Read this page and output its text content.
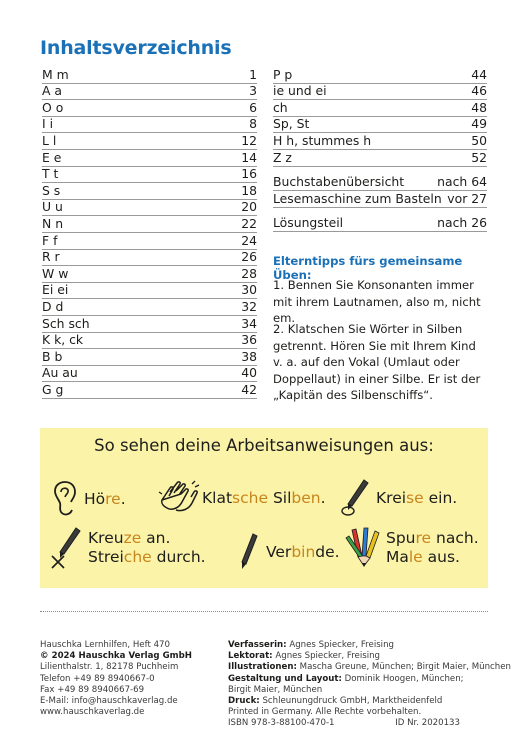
Inhaltsverzeichnis
M m	1
A a	3
O o	6
I i	8
L l	12
E e	14
T t	16
S s	18
U u	20
N n	22
F f	24
R r	26
W w	28
Ei ei	30
D d	32
Sch sch	34
K k, ck	36
B b	38
Au au	40
G g	42
P p	44
ie und ei	46
ch	48
Sp, St	49
H h, stummes h	50
Z z	52
Buchstabenübersicht	nach 64
Lesemaschine zum Basteln vor 27
Lösungsteil	nach 26

Elterntipps fürs gemeinsame Üben:

1. Bennen Sie Konsonanten immer mit ihrem Lautnamen, also m, nicht em.

2. Klatschen Sie Wörter in Silben getrennt. Hören Sie mit Ihrem Kind v. a. auf den Vokal (Umlaut oder Doppellaut) in einer Silbe. Er ist der „Kapitän des Silbenschiffs“.

So sehen deine Arbeitsanweisungen aus:

Höre.	Klatsche Silben.	Kreise ein.
Kreuze an.
Streiche durch.	Verbinde.
Spure nach.
Male aus.
Hauschka Lernhilfen, Heft 470
© 2024 Hauschka Verlag GmbH
Lilienthalstr. 1, 82178 Puchheim
Telefon +49 89 8940667-0
Fax +49 89 8940667-69
E-Mail: info@hauschkaverlag.de
www.hauschkaverlag.de
Verfasserin: Agnes Spiecker, Freising
Lektorat: Agnes Spiecker, Freising
Illustrationen: Mascha Greune, München; Birgit Maier, München
Gestaltung und Layout: Dominik Hoogen, München;
Birgit Maier, München
Druck: Schleunungdruck GmbH, Marktheidenfeld
Printed in Germany. Alle Rechte vorbehalten.
ISBN 978-3-88100-470-1	ID Nr. 2020133
